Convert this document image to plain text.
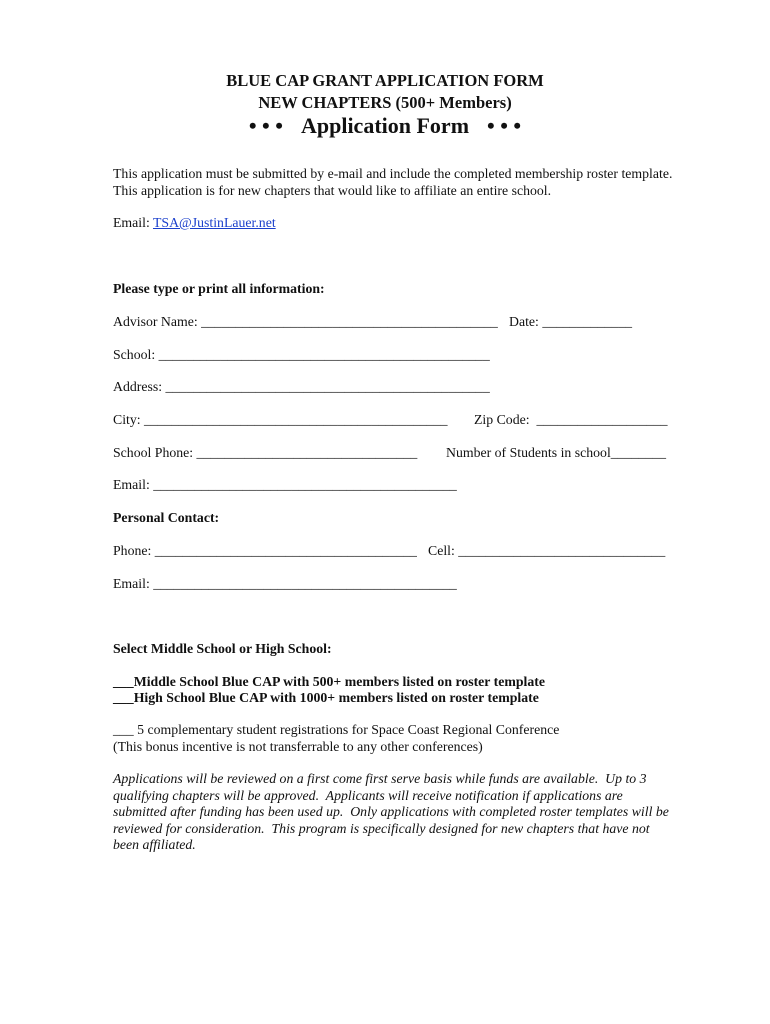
BLUE CAP GRANT APPLICATION FORM

NEW CHAPTERS (500+ Members)

• • • Application Form • • •

This application must be submitted by e-mail and include the completed membership roster template.

This application is for new chapters that would like to affiliate an entire school.

Email: TSA@JustinLauer.net

Please type or print all information:

Advisor Name: ___________________________________________ Date: _____________

School: ________________________________________________

Address: _______________________________________________

City: ____________________________________________ Zip Code:  ___________________

School Phone: ________________________________ Number of Students in school________

Email: ____________________________________________

Personal Contact:

Phone: ______________________________________ Cell: ______________________________

Email: ____________________________________________

Select Middle School or High School:

___Middle School Blue CAP with 500+ members listed on roster template

___High School Blue CAP with 1000+ members listed on roster template

___ 5 complementary student registrations for Space Coast Regional Conference

(This bonus incentive is not transferrable to any other conferences)

Applications will be reviewed on a first come first serve basis while funds are available.  Up to 3
qualifying chapters will be approved.  Applicants will receive notification if applications are
submitted after funding has been used up.  Only applications with completed roster templates will be
reviewed for consideration.  This program is specifically designed for new chapters that have not
been affiliated.
